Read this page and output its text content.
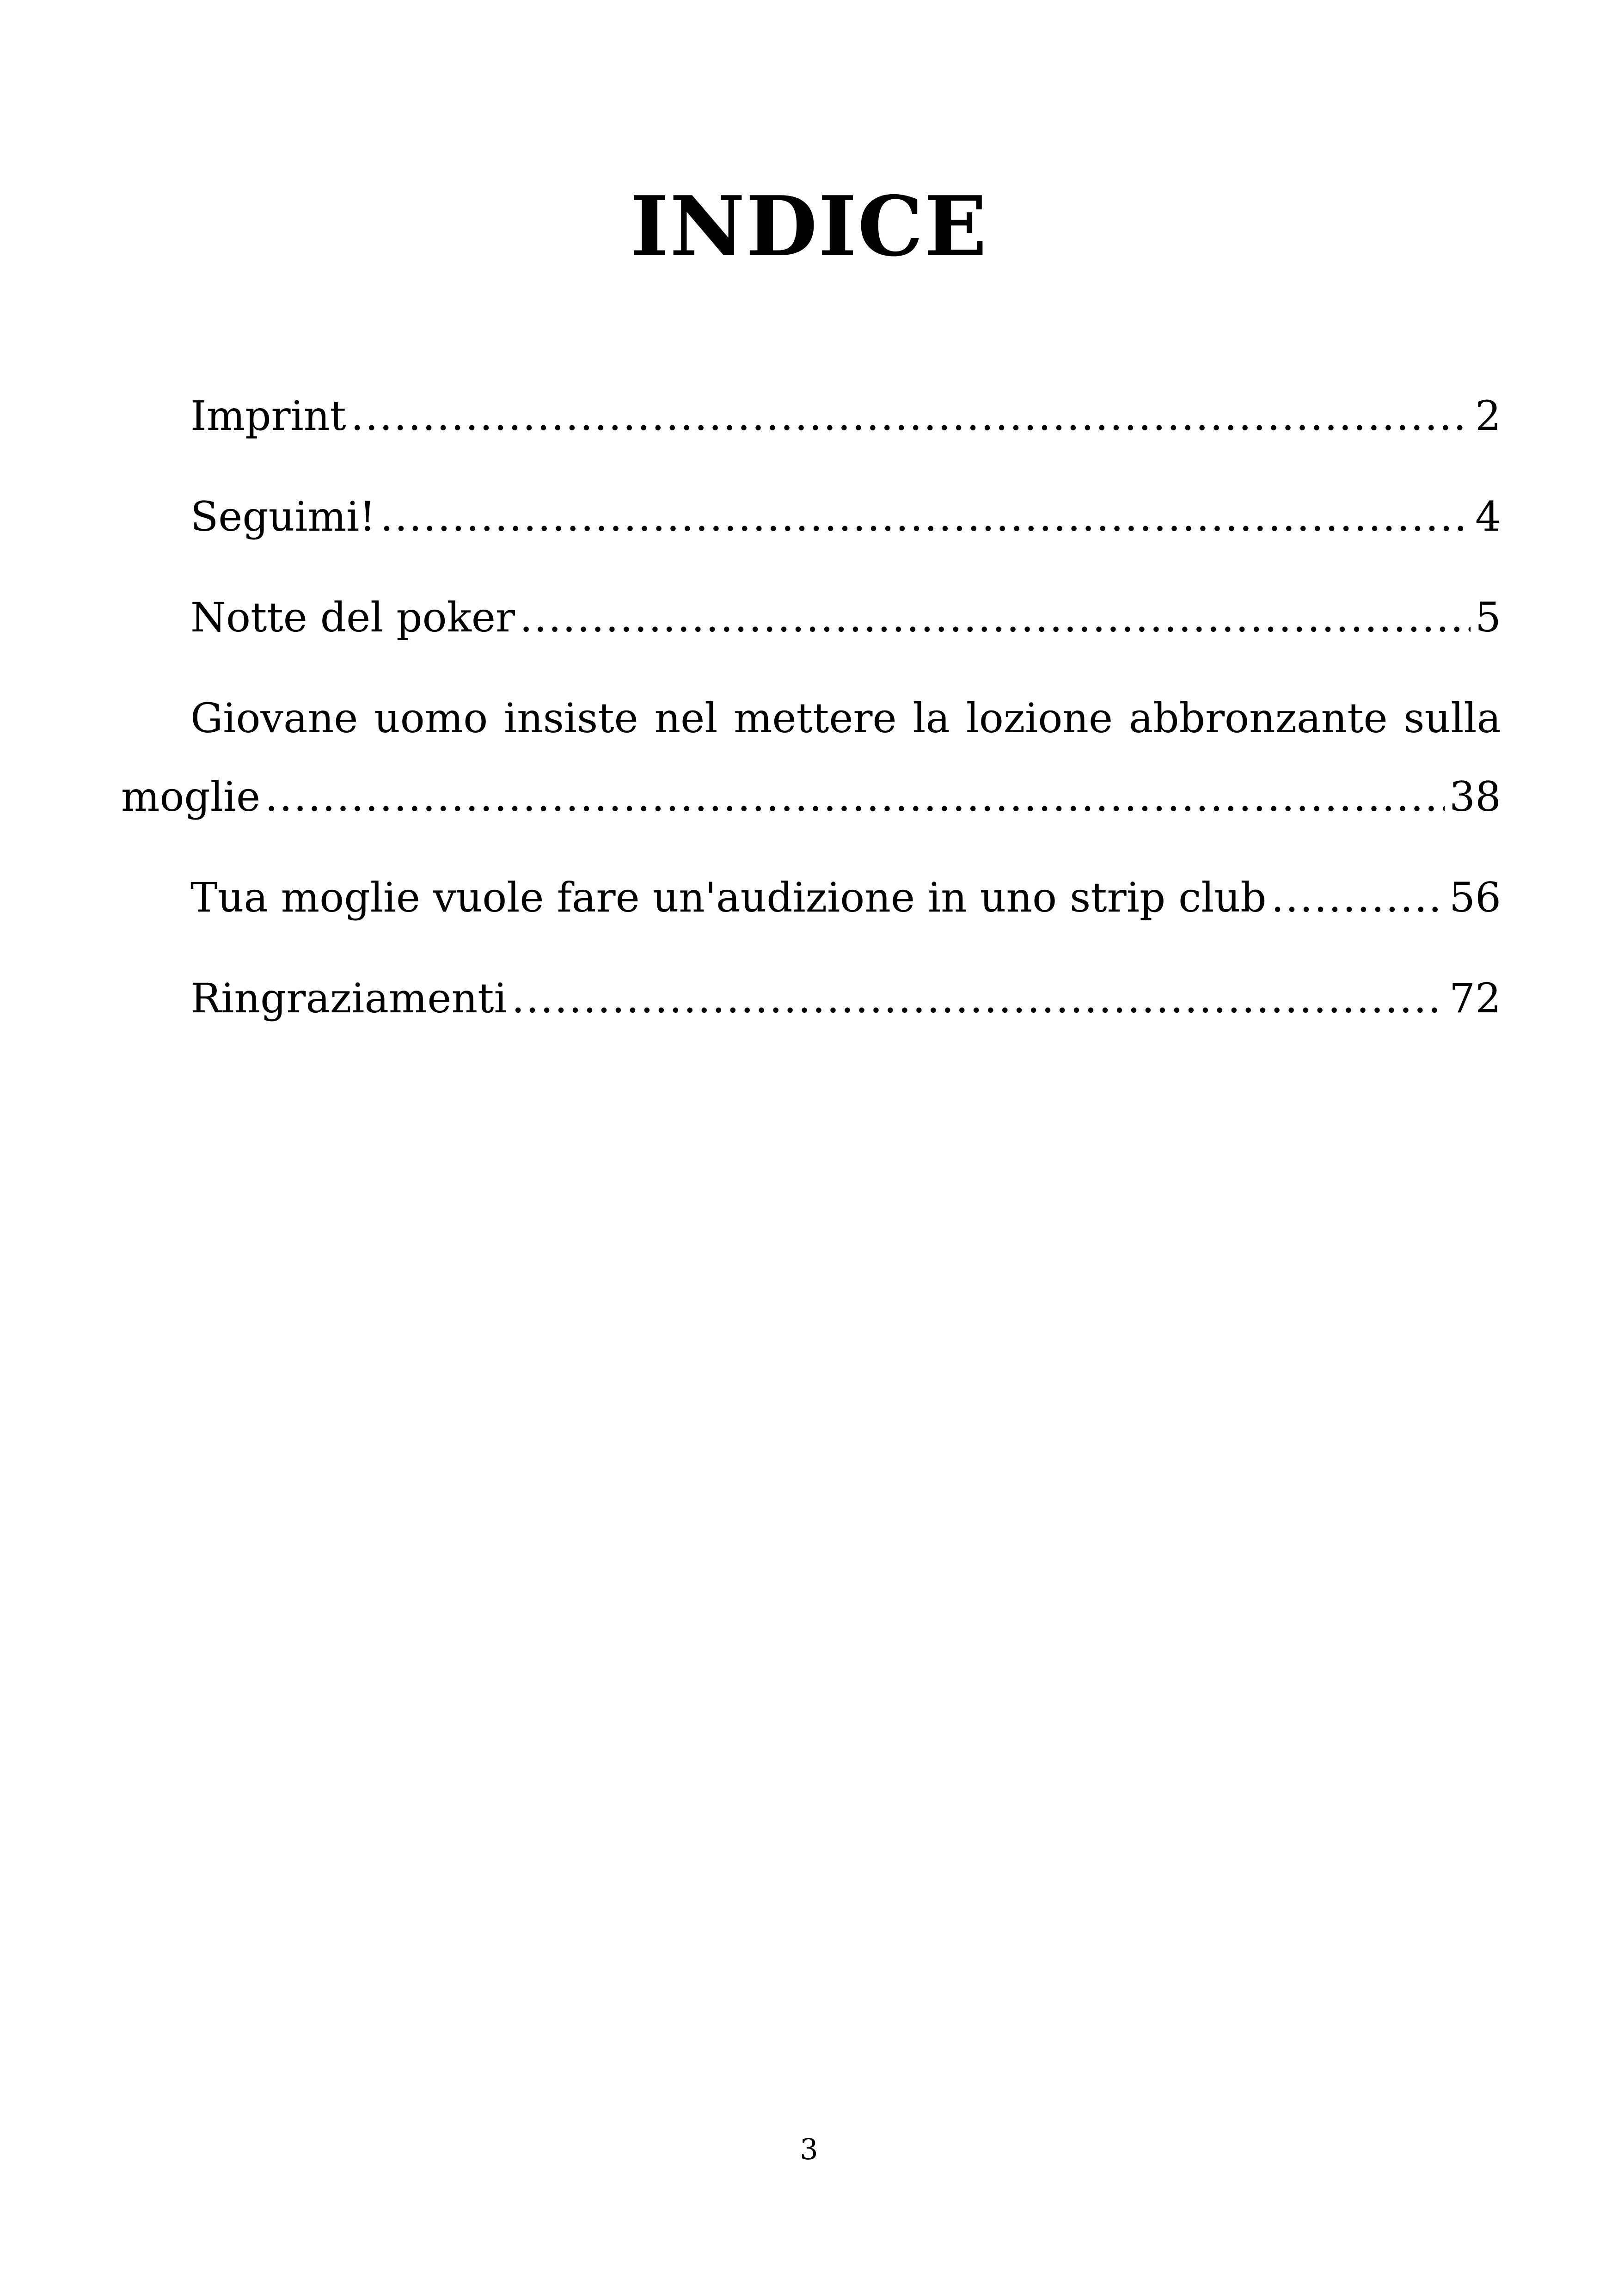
INDICE
Imprint .....	2
Seguimi! .....	4
Notte del poker .....	5
Giovane uomo insiste nel mettere la lozione abbronzante sulla
moglie .....	38
Tua moglie vuole fare un'audizione in uno strip club .....	56
Ringraziamenti .....	72
3
